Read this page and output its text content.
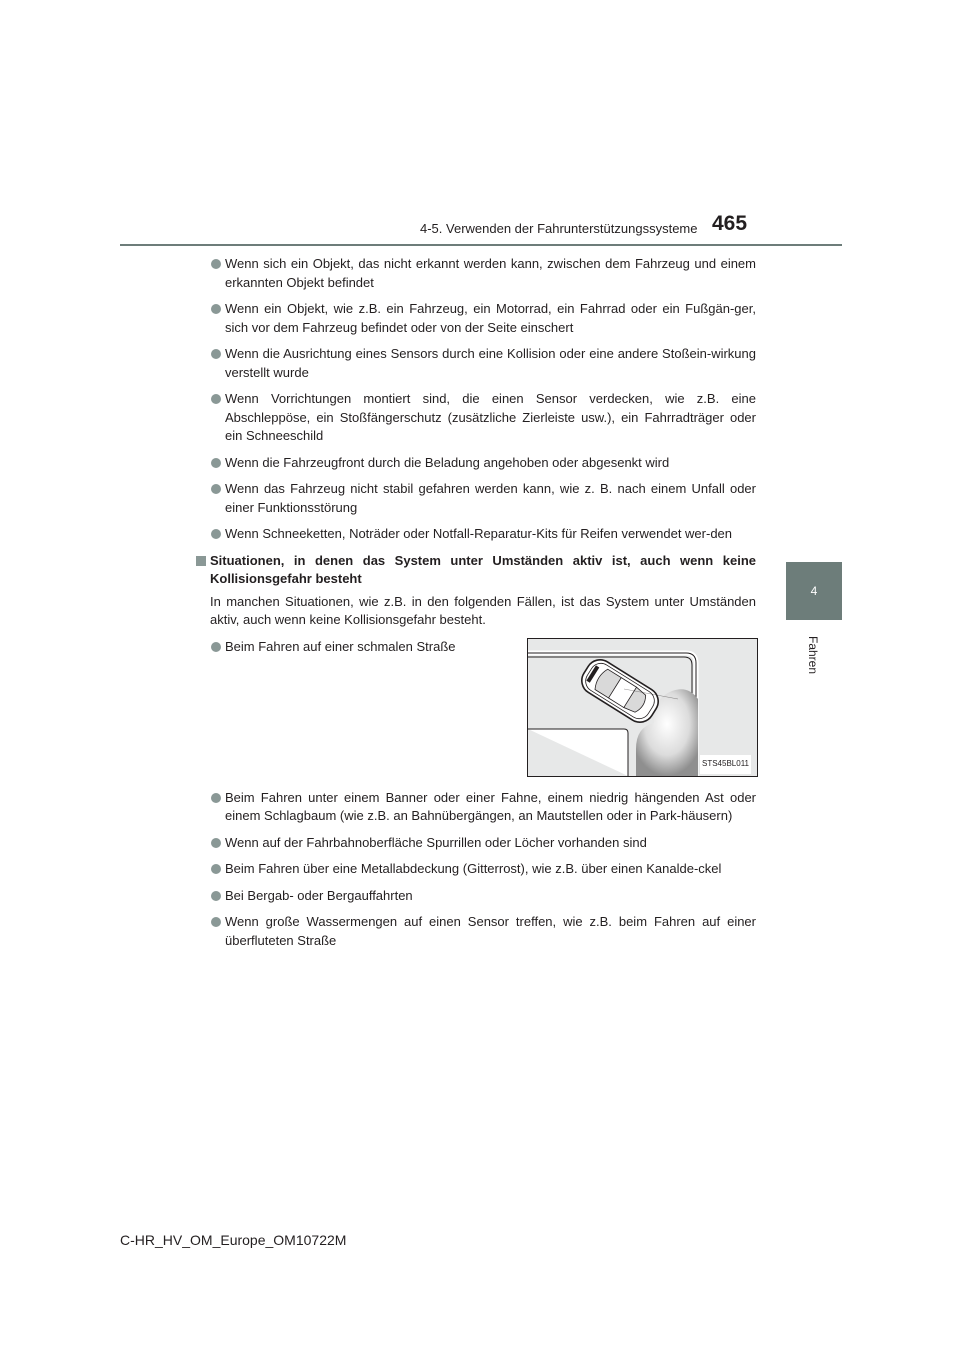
4-5. Verwenden der Fahrunterstützungssysteme 465
4
Fahren
Wenn sich ein Objekt, das nicht erkannt werden kann, zwischen dem Fahrzeug und einem erkannten Objekt befindet
Wenn ein Objekt, wie z.B. ein Fahrzeug, ein Motorrad, ein Fahrrad oder ein Fußgän-ger, sich vor dem Fahrzeug befindet oder von der Seite einschert
Wenn die Ausrichtung eines Sensors durch eine Kollision oder eine andere Stoßein-wirkung verstellt wurde
Wenn Vorrichtungen montiert sind, die einen Sensor verdecken, wie z.B. eine Abschleppöse, ein Stoßfängerschutz (zusätzliche Zierleiste usw.), ein Fahrradträger oder ein Schneeschild
Wenn die Fahrzeugfront durch die Beladung angehoben oder abgesenkt wird
Wenn das Fahrzeug nicht stabil gefahren werden kann, wie z. B. nach einem Unfall oder einer Funktionsstörung
Wenn Schneeketten, Noträder oder Notfall-Reparatur-Kits für Reifen verwendet wer-den
Situationen, in denen das System unter Umständen aktiv ist, auch wenn keine Kollisionsgefahr besteht
In manchen Situationen, wie z.B. in den folgenden Fällen, ist das System unter Umständen aktiv, auch wenn keine Kollisionsgefahr besteht.
Beim Fahren auf einer schmalen Straße
STS45BL011
Beim Fahren unter einem Banner oder einer Fahne, einem niedrig hängenden Ast oder einem Schlagbaum (wie z.B. an Bahnübergängen, an Mautstellen oder in Park-häusern)
Wenn auf der Fahrbahnoberfläche Spurrillen oder Löcher vorhanden sind
Beim Fahren über eine Metallabdeckung (Gitterrost), wie z.B. über einen Kanalde-ckel
Bei Bergab- oder Bergauffahrten
Wenn große Wassermengen auf einen Sensor treffen, wie z.B. beim Fahren auf einer überfluteten Straße
C-HR_HV_OM_Europe_OM10722M
